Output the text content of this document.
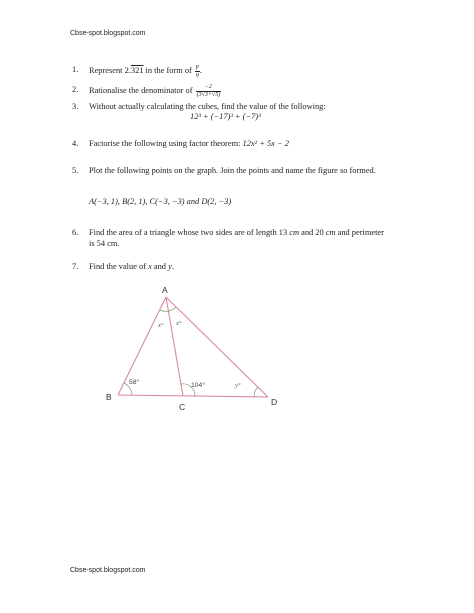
Cbse-spot.blogspot.com
1.	Represent 2.321 in the form of $\frac{p}{q}$ .
2.	Rationalise the denominator of $\frac{-2}{(3√3+√5)}$
3.	Without actually calculating the cubes, find the value of the following:
12³ + (−17)³ + (−7)³
4.	Factorise the following using factor theorem: 12x² + 5x − 2
5.	Plot the following points on the graph. Join the points and name the figure so formed.
A(−3, 1), B(2, 1), C(−3, −3) and D(2, −3)
6.	Find the area of a triangle whose two sides are of length 13 cm and 20 cm and perimeter
is 54 cm.
7.	Find the value of x and y.
A
B
C	D
58°	104°
x° x°
y°
Cbse-spot.blogspot.com
